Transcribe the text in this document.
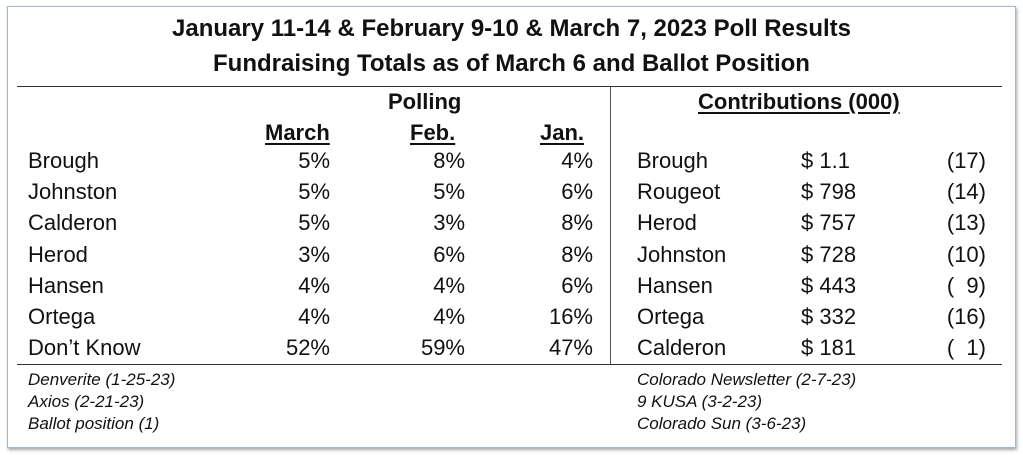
January 11-14 & February 9-10 & March 7, 2023 Poll Results
Fundraising Totals as of March 6 and Ballot Position
Polling	Contributions (000)
March	Feb.	Jan.
Brough	5%	8%	4% Brough	$ 1.1	(17)
Johnston	5%	5%	6% Rougeot	$ 798	(14)
Calderon	5%	3%	8% Herod	$ 757	(13)
Herod	3%	6%	8% Johnston	$ 728	(10)
Hansen	4%	4%	6% Hansen	$ 443	(  9)
Ortega	4%	4%	16% Ortega	$ 332	(16)
Don’t Know	52%	59%	47% Calderon	$ 181	(  1)
Denverite (1-25-23)
Axios (2-21-23)
Ballot position (1)
Colorado Newsletter (2-7-23)
9 KUSA (3-2-23)
Colorado Sun (3-6-23)
